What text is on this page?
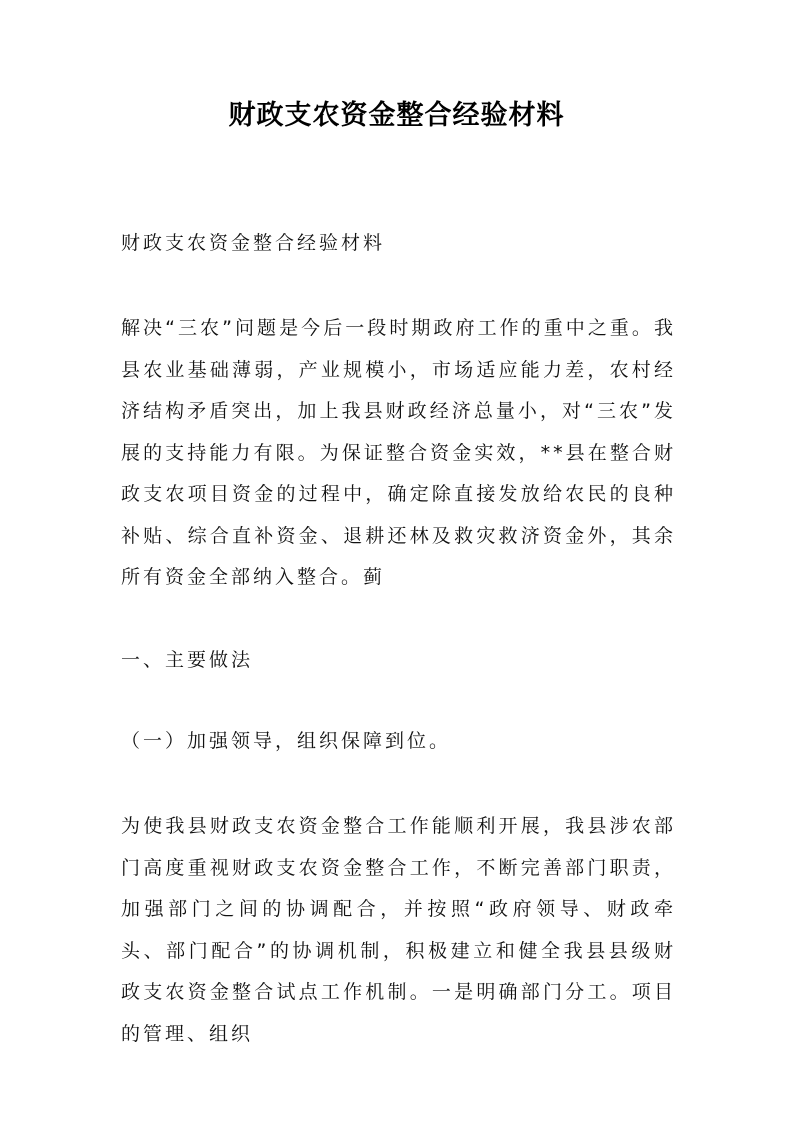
财政支农资金整合经验材料

财政支农资金整合经验材料

解决“三农”问题是今后一段时期政府工作的重中之重。我县农业基础薄弱，产业规模小，市场适应能力差，农村经济结构矛盾突出，加上我县财政经济总量小，对“三农”发展的支持能力有限。为保证整合资金实效，**县在整合财政支农项目资金的过程中，确定除直接发放给农民的良种补贴、综合直补资金、退耕还林及救灾救济资金外，其余所有资金全部纳入整合。蓟

一、主要做法

（一）加强领导，组织保障到位。

为使我县财政支农资金整合工作能顺利开展，我县涉农部门高度重视财政支农资金整合工作，不断完善部门职责，加强部门之间的协调配合，并按照“政府领导、财政牵头、部门配合”的协调机制，积极建立和健全我县县级财政支农资金整合试点工作机制。一是明确部门分工。项目的管理、组织
